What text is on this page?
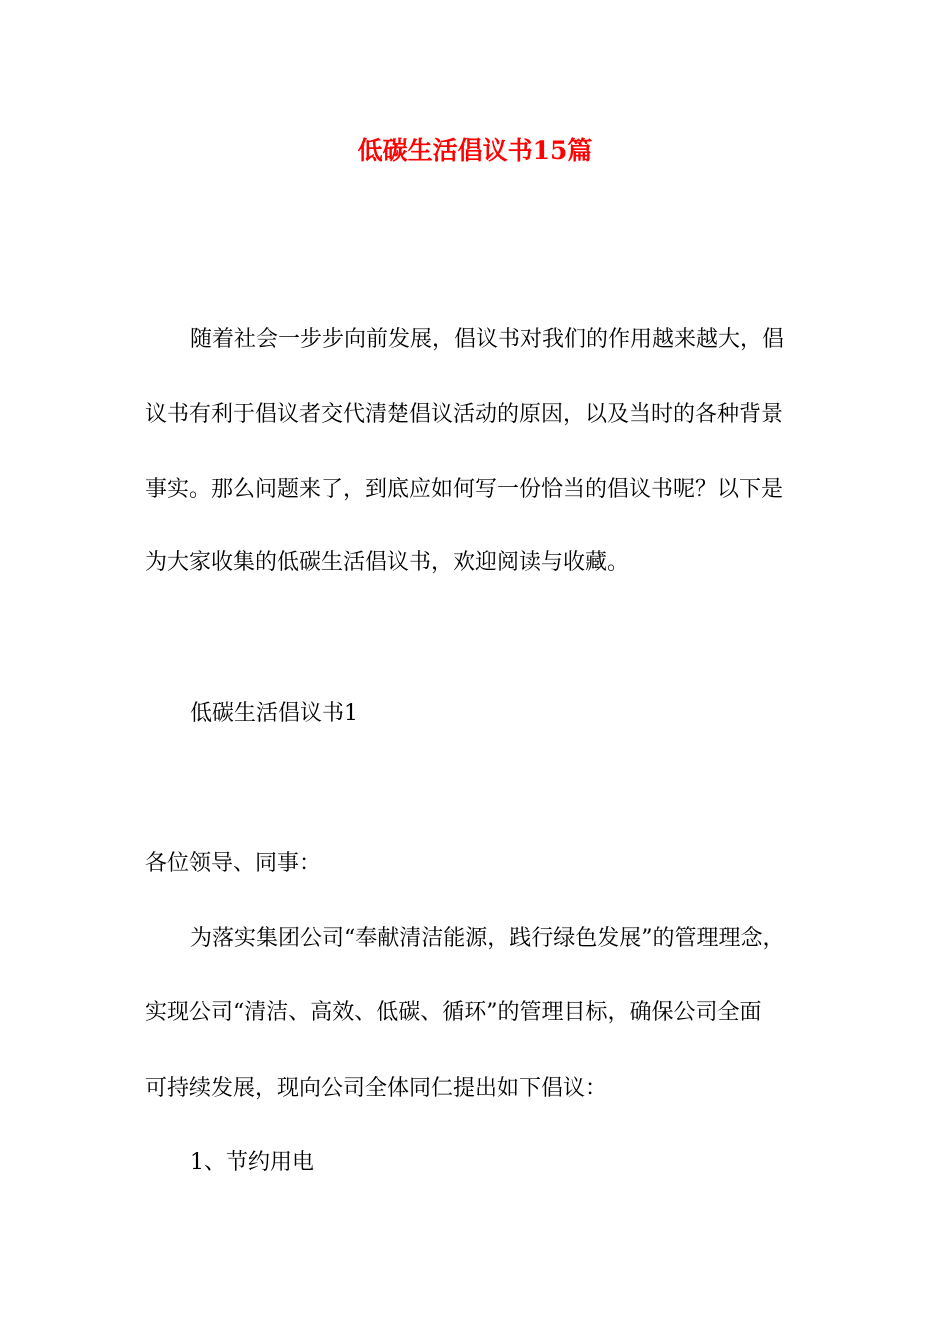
低碳生活倡议书15篇
随着社会一步步向前发展，倡议书对我们的作用越来越大，倡
议书有利于倡议者交代清楚倡议活动的原因，以及当时的各种背景
事实。那么问题来了，到底应如何写一份恰当的倡议书呢？以下是
为大家收集的低碳生活倡议书，欢迎阅读与收藏。
低碳生活倡议书1
各位领导、同事：
为落实集团公司“奉献清洁能源，践行绿色发展”的管理理念，
实现公司“清洁、高效、低碳、循环”的管理目标，确保公司全面
可持续发展，现向公司全体同仁提出如下倡议：
1、节约用电
